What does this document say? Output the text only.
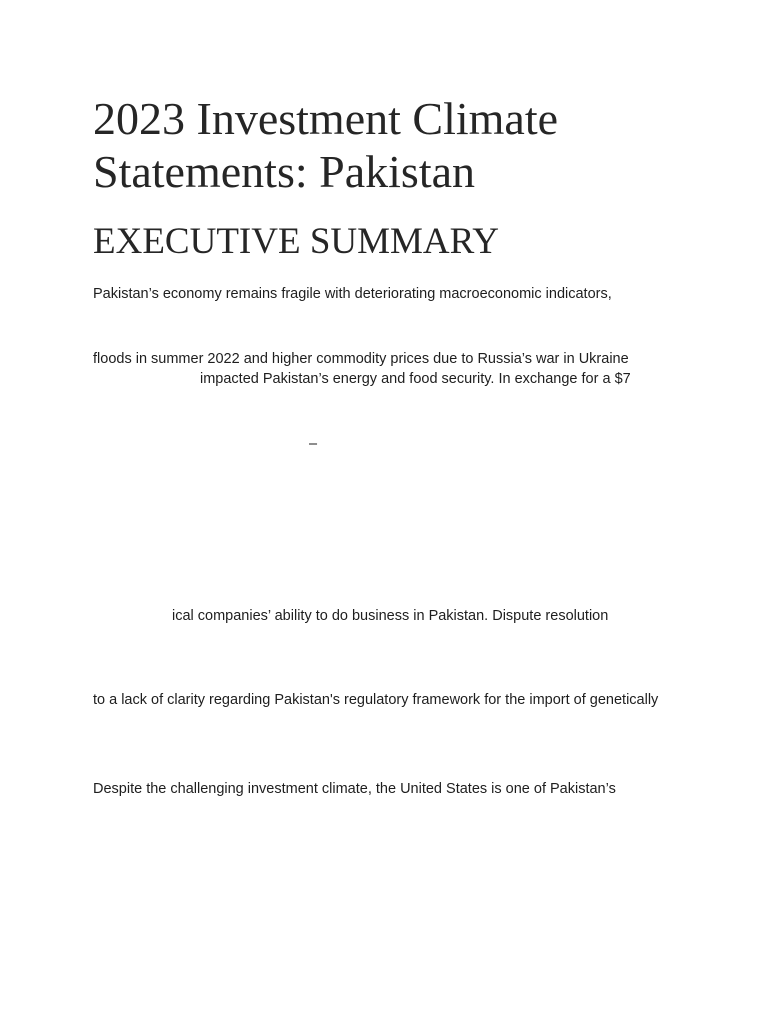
2023 Investment Climate
Statements: Pakistan
EXECUTIVE SUMMARY

Pakistan’s economy remains fragile with deteriorating macroeconomic indicators,

floods in summer 2022 and higher commodity prices due to Russia’s war in Ukraine

impacted Pakistan’s energy and food security. In exchange for a $7

–

ical companies’ ability to do business in Pakistan. Dispute resolution

to a lack of clarity regarding Pakistan's regulatory framework for the import of genetically

Despite the challenging investment climate, the United States is one of Pakistan’s
